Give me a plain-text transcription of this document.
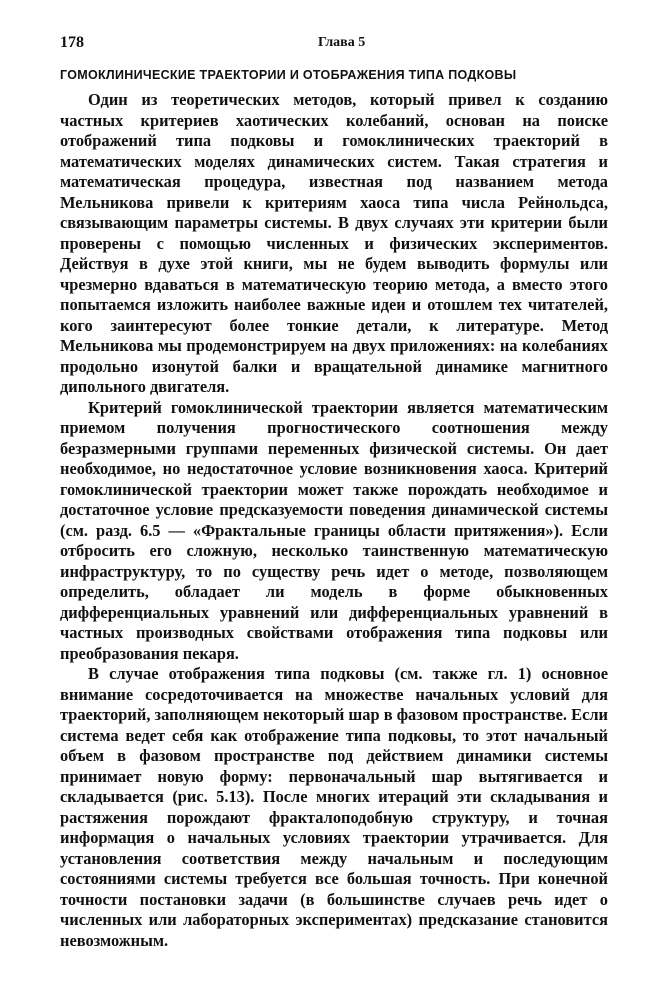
178	Глава 5
ГОМОКЛИНИЧЕСКИЕ ТРАЕКТОРИИ И ОТОБРАЖЕНИЯ ТИПА ПОДКОВЫ

Один из теоретических методов, который привел к созданию частных критериев хаотических колебаний, основан на поиске отображений типа подковы и гомоклинических траекторий в математических моделях динамических систем. Такая стратегия и математическая процедура, известная под названием метода Мельникова привели к критериям хаоса типа числа Рейнольдса, связывающим параметры системы. В двух случаях эти критерии были проверены с помощью численных и физических экспериментов. Действуя в духе этой книги, мы не будем выводить формулы или чрезмерно вдаваться в математическую теорию метода, а вместо этого попытаемся изложить наиболее важные идеи и отошлем тех читателей, кого заинтересуют более тонкие детали, к литературе. Метод Мельникова мы продемонстрируем на двух приложениях: на колебаниях продольно изонутой балки и вращательной динамике магнитного дипольного двигателя.

Критерий гомоклинической траектории является математическим приемом получения прогностического соотношения между безразмерными группами переменных физической системы. Он дает необходимое, но недостаточное условие возникновения хаоса. Критерий гомоклинической траектории может также порождать необходимое и достаточное условие предсказуемости поведения динамической системы (см. разд. 6.5 — «Фрактальные границы области притяжения»). Если отбросить его сложную, несколько таинственную математическую инфраструктуру, то по существу речь идет о методе, позволяющем определить, обладает ли модель в форме обыкновенных дифференциальных уравнений или дифференциальных уравнений в частных производных свойствами отображения типа подковы или преобразования пекаря.

В случае отображения типа подковы (см. также гл. 1) основное внимание сосредоточивается на множестве начальных условий для траекторий, заполняющем некоторый шар в фазовом пространстве. Если система ведет себя как отображение типа подковы, то этот начальный объем в фазовом пространстве под действием динамики системы принимает новую форму: первоначальный шар вытягивается и складывается (рис. 5.13). После многих итераций эти складывания и растяжения порождают фракталоподобную структуру, и точная информация о начальных условиях траектории утрачивается. Для установления соответствия между начальным и последующим состояниями системы требуется все большая точность. При конечной точности постановки задачи (в большинстве случаев речь идет о численных или лабораторных экспериментах) предсказание становится невозможным.
